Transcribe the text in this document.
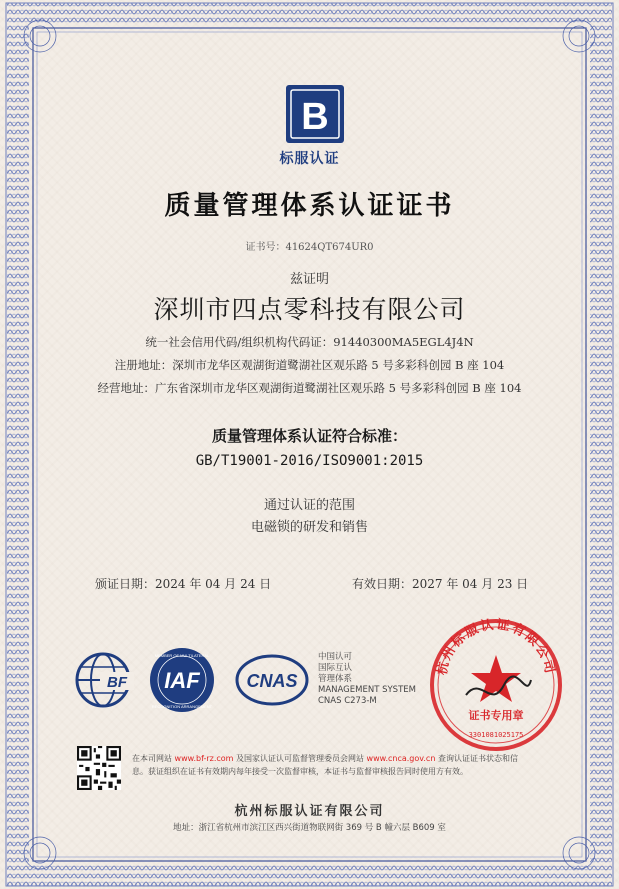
B
标服认证
质量管理体系认证证书
证书号：41624QT674UR0
兹证明
深圳市四点零科技有限公司
统一社会信用代码/组织机构代码证：91440300MA5EGL4J4N
注册地址：深圳市龙华区观湖街道鹭湖社区观乐路 5 号多彩科创园 B 座 104
经营地址：广东省深圳市龙华区观湖街道鹭湖社区观乐路 5 号多彩科创园 B 座 104
质量管理体系认证符合标准：
GB/T19001-2016/ISO9001:2015
通过认证的范围
电磁锁的研发和销售
颁证日期：2024 年 04 月 24 日	有效日期：2027 年 04 月 23 日
BF IAF
MEMBER OF MULTILATERAL
RECOGNITION ARRANGEMENT
CNAS
中国认可
国际互认
管理体系
MANAGEMENT SYSTEM
CNAS C273-M
杭州标服认证有限公司
证书专用章
3301081025175
在本司网站 www.bf-rz.com 及国家认证认可监督管理委员会网站 www.cnca.gov.cn 查询认证证书状态和信息。获证组织在证书有效期内每年接受一次监督审核，本证书与监督审核报告同时使用方有效。
杭州标服认证有限公司
地址：浙江省杭州市滨江区西兴街道物联网街 369 号 B 幢六层 B609 室
